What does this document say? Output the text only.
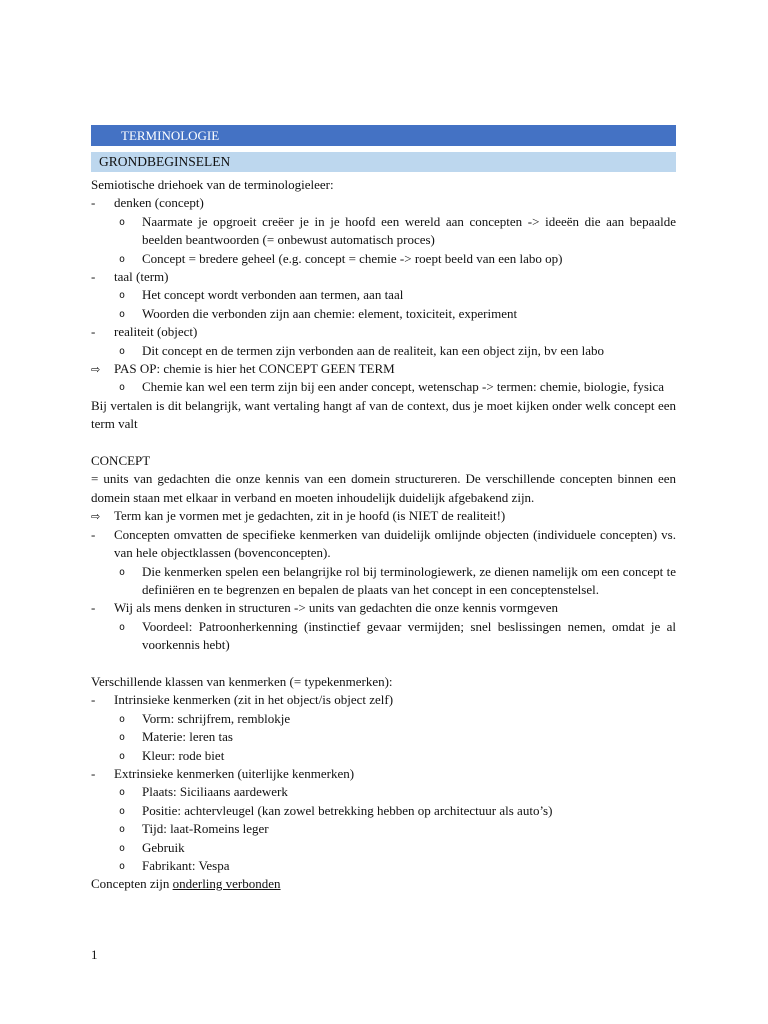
TERMINOLOGIE
GRONDBEGINSELEN
Semiotische driehoek van de terminologieleer:
- denken (concept)
o Naarmate je opgroeit creëer je in je hoofd een wereld aan concepten -> ideeën die aan bepaalde beelden beantwoorden (= onbewust automatisch proces)
o Concept = bredere geheel (e.g. concept = chemie -> roept beeld van een labo op)
- taal (term)
o Het concept wordt verbonden aan termen, aan taal
o Woorden die verbonden zijn aan chemie: element, toxiciteit, experiment
- realiteit (object)
o Dit concept en de termen zijn verbonden aan de realiteit, kan een object zijn, bv een labo
⇨ PAS OP: chemie is hier het CONCEPT GEEN TERM
o Chemie kan wel een term zijn bij een ander concept, wetenschap -> termen: chemie, biologie, fysica
Bij vertalen is dit belangrijk, want vertaling hangt af van de context, dus je moet kijken onder welk concept een term valt
CONCEPT
= units van gedachten die onze kennis van een domein structureren. De verschillende concepten binnen een domein staan met elkaar in verband en moeten inhoudelijk duidelijk afgebakend zijn.
⇨ Term kan je vormen met je gedachten, zit in je hoofd (is NIET de realiteit!)
- Concepten omvatten de specifieke kenmerken van duidelijk omlijnde objecten (individuele concepten) vs. van hele objectklassen (bovenconcepten).
o Die kenmerken spelen een belangrijke rol bij terminologiewerk, ze dienen namelijk om een concept te definiëren en te begrenzen en bepalen de plaats van het concept in een conceptenstelsel.
- Wij als mens denken in structuren -> units van gedachten die onze kennis vormgeven
o Voordeel: Patroonherkenning (instinctief gevaar vermijden; snel beslissingen nemen, omdat je al voorkennis hebt)
Verschillende klassen van kenmerken (= typekenmerken):
- Intrinsieke kenmerken (zit in het object/is object zelf)
o Vorm: schrijfrem, remblokje
o Materie: leren tas
o Kleur: rode biet
- Extrinsieke kenmerken (uiterlijke kenmerken)
o Plaats: Siciliaans aardewerk
o Positie: achtervleugel (kan zowel betrekking hebben op architectuur als auto’s)
o Tijd: laat-Romeins leger
o Gebruik
o Fabrikant: Vespa
Concepten zijn onderling verbonden
1
